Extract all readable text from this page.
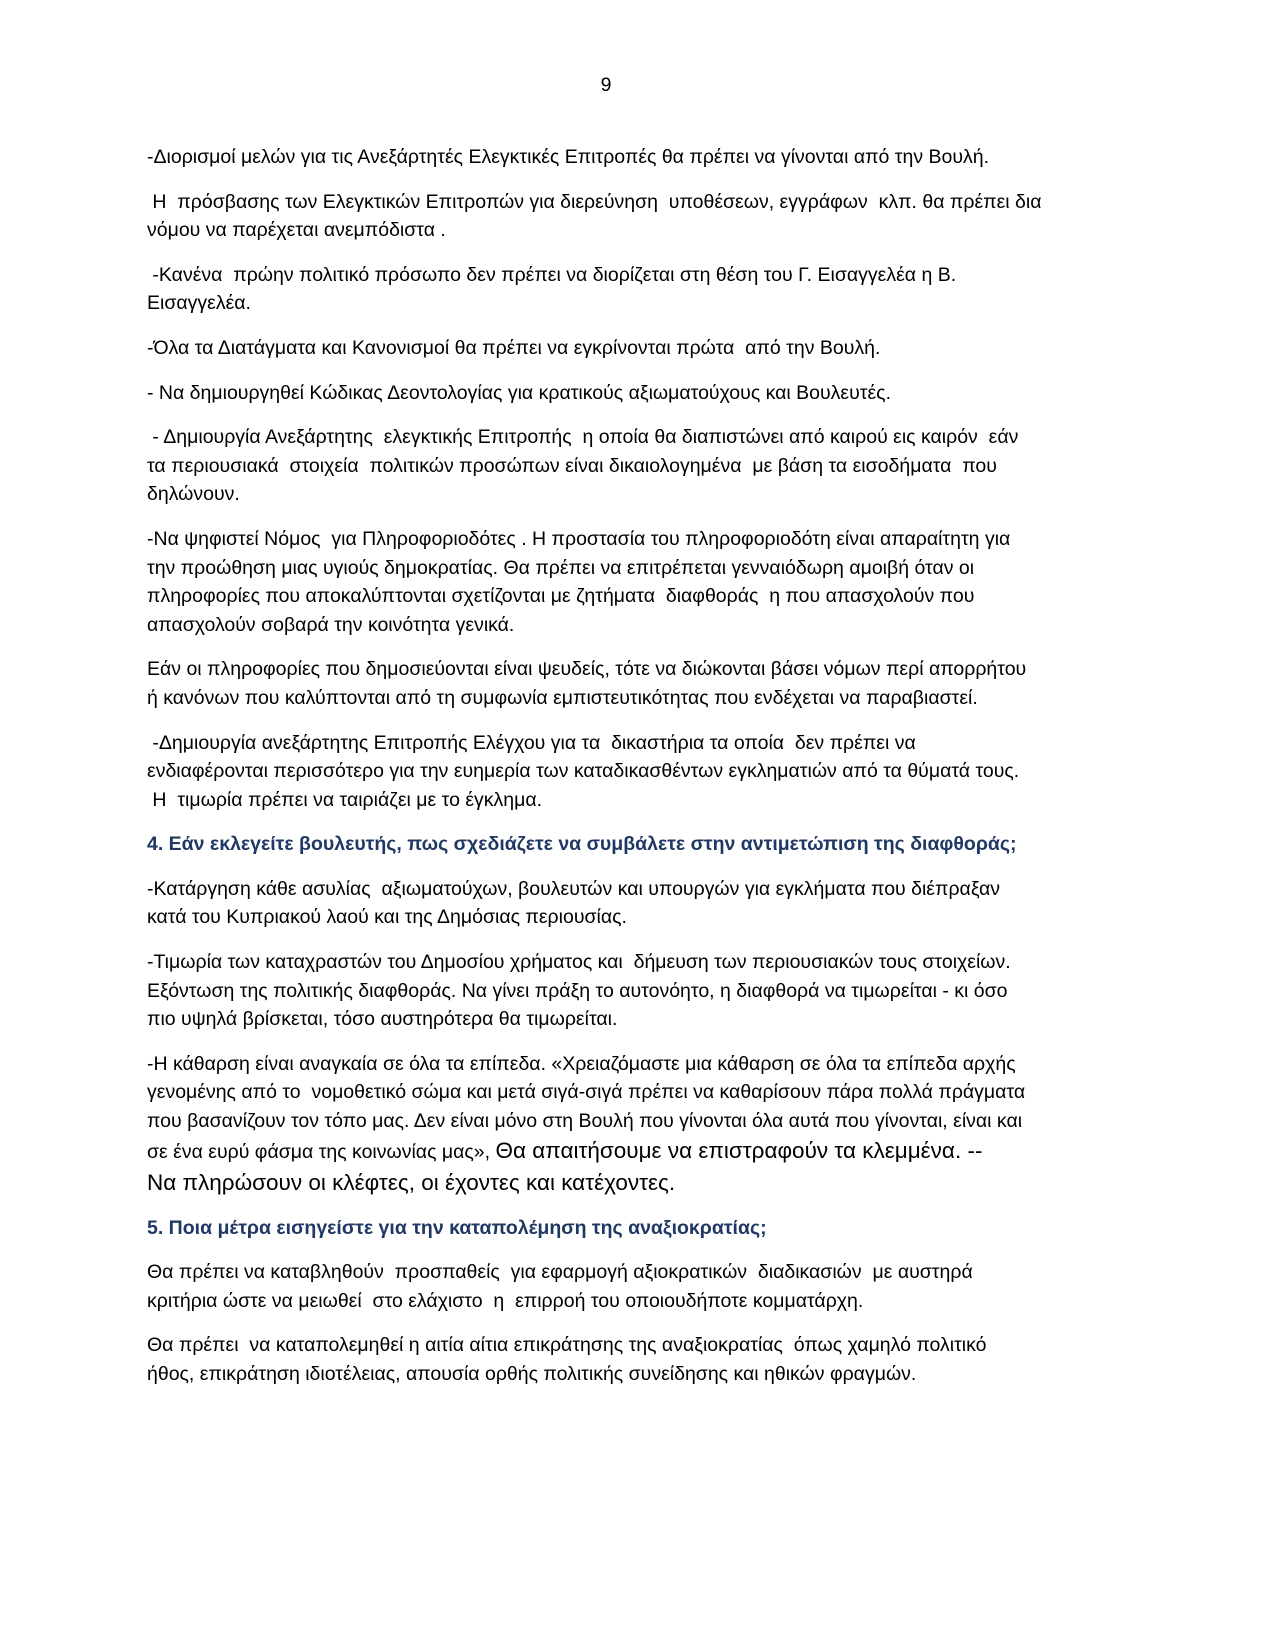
9
-Διορισμοί μελών για τις Ανεξάρτητές Ελεγκτικές Επιτροπές θα πρέπει να γίνονται από την Βουλή.
Η  πρόσβασης των Ελεγκτικών Επιτροπών για διερεύνηση  υποθέσεων, εγγράφων  κλπ. θα πρέπει δια
νόμου να παρέχεται ανεμπόδιστα .
-Κανένα  πρώην πολιτικό πρόσωπο δεν πρέπει να διορίζεται στη θέση του Γ. Εισαγγελέα η Β.
Εισαγγελέα.
-Όλα τα Διατάγματα και Κανονισμοί θα πρέπει να εγκρίνονται πρώτα  από την Βουλή.
- Να δημιουργηθεί Κώδικας Δεοντολογίας για κρατικούς αξιωματούχους και Βουλευτές.
- Δημιουργία Ανεξάρτητης  ελεγκτικής Επιτροπής  η οποία θα διαπιστώνει από καιρού εις καιρόν  εάν
τα περιουσιακά  στοιχεία  πολιτικών προσώπων είναι δικαιολογημένα  με βάση τα εισοδήματα  που
δηλώνουν.
-Να ψηφιστεί Νόμος  για Πληροφοριοδότες . Η προστασία του πληροφοριοδότη είναι απαραίτητη για
την προώθηση μιας υγιούς δημοκρατίας. Θα πρέπει να επιτρέπεται γενναιόδωρη αμοιβή όταν οι
πληροφορίες που αποκαλύπτονται σχετίζονται με ζητήματα  διαφθοράς  η που απασχολούν που
απασχολούν σοβαρά την κοινότητα γενικά.
Εάν οι πληροφορίες που δημοσιεύονται είναι ψευδείς, τότε να διώκονται βάσει νόμων περί απορρήτου
ή κανόνων που καλύπτονται από τη συμφωνία εμπιστευτικότητας που ενδέχεται να παραβιαστεί.
-Δημιουργία ανεξάρτητης Επιτροπής Ελέγχου για τα  δικαστήρια τα οποία  δεν πρέπει να
ενδιαφέρονται περισσότερο για την ευημερία των καταδικασθέντων εγκληματιών από τα θύματά τους.
Η  τιμωρία πρέπει να ταιριάζει με το έγκλημα.
4. Εάν εκλεγείτε βουλευτής, πως σχεδιάζετε να συμβάλετε στην αντιμετώπιση της διαφθοράς;
-Κατάργηση κάθε ασυλίας  αξιωματούχων, βουλευτών και υπουργών για εγκλήματα που διέπραξαν
κατά του Κυπριακού λαού και της Δημόσιας περιουσίας.
-Τιμωρία των καταχραστών του Δημοσίου χρήματος και  δήμευση των περιουσιακών τους στοιχείων.
Εξόντωση της πολιτικής διαφθοράς. Να γίνει πράξη το αυτονόητο, η διαφθορά να τιμωρείται - κι όσο
πιο υψηλά βρίσκεται, τόσο αυστηρότερα θα τιμωρείται.
-Η κάθαρση είναι αναγκαία σε όλα τα επίπεδα. «Χρειαζόμαστε μια κάθαρση σε όλα τα επίπεδα αρχής
γενομένης από το  νομοθετικό σώμα και μετά σιγά-σιγά πρέπει να καθαρίσουν πάρα πολλά πράγματα
που βασανίζουν τον τόπο μας. Δεν είναι μόνο στη Βουλή που γίνονται όλα αυτά που γίνονται, είναι και
σε ένα ευρύ φάσμα της κοινωνίας μας», Θα απαιτήσουμε να επιστραφούν τα κλεμμένα. --
Να πληρώσουν οι κλέφτες, οι έχοντες και κατέχοντες.
5. Ποια μέτρα εισηγείστε για την καταπολέμηση της αναξιοκρατίας;
Θα πρέπει να καταβληθούν  προσπαθείς  για εφαρμογή αξιοκρατικών  διαδικασιών  με αυστηρά
κριτήρια ώστε να μειωθεί  στο ελάχιστο  η  επιρροή του οποιουδήποτε κομματάρχη.
Θα πρέπει  να καταπολεμηθεί η αιτία αίτια επικράτησης της αναξιοκρατίας  όπως χαμηλό πολιτικό
ήθος, επικράτηση ιδιοτέλειας, απουσία ορθής πολιτικής συνείδησης και ηθικών φραγμών.
